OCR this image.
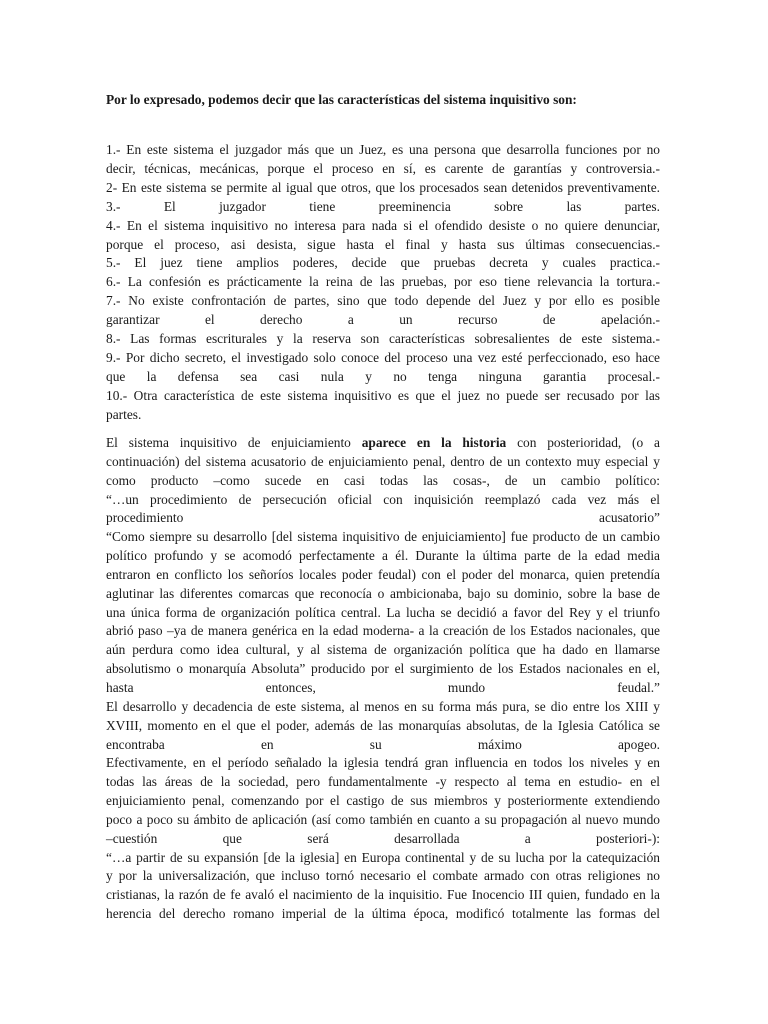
Por lo expresado, podemos decir que las características del sistema inquisitivo son:
1.- En este sistema el juzgador más que un Juez, es una persona que desarrolla funciones por no
decir, técnicas, mecánicas, porque el proceso en sí, es carente de garantías y controversia.-
2- En este sistema se permite al igual que otros, que los procesados sean detenidos preventivamente.
3.- El juzgador tiene preeminencia sobre las partes.
4.- En el sistema inquisitivo no interesa para nada si el ofendido desiste o no quiere denunciar,
porque el proceso, asi desista, sigue hasta el final y hasta sus últimas consecuencias.-
5.- El juez tiene amplios poderes, decide que pruebas decreta y cuales practica.-
6.- La confesión es prácticamente la reina de las pruebas, por eso tiene relevancia la tortura.-
7.- No existe confrontación de partes, sino que todo depende del Juez y por ello es posible
garantizar el derecho a un recurso de apelación.-
8.- Las formas escriturales y la reserva son características sobresalientes de este sistema.-
9.- Por dicho secreto, el investigado solo conoce del proceso una vez esté perfeccionado, eso hace
que la defensa sea casi nula y no tenga ninguna garantia procesal.-
10.- Otra característica de este sistema inquisitivo es que el juez no puede ser recusado por las
partes.
El sistema inquisitivo de enjuiciamiento aparece en la historia con posterioridad, (o a
continuación) del sistema acusatorio de enjuiciamiento penal, dentro de un contexto muy especial y
como producto –como sucede en casi todas las cosas-, de un cambio político:
“…un procedimiento de persecución oficial con inquisición reemplazó cada vez más el
procedimiento acusatorio”
“Como siempre su desarrollo [del sistema inquisitivo de enjuiciamiento] fue producto de un cambio
político profundo y se acomodó perfectamente a él. Durante la última parte de la edad media
entraron en conflicto los señoríos locales poder feudal) con el poder del monarca, quien pretendía
aglutinar las diferentes comarcas que reconocía o ambicionaba, bajo su dominio, sobre la base de
una única forma de organización política central. La lucha se decidió a favor del Rey y el triunfo
abrió paso –ya de manera genérica en la edad moderna- a la creación de los Estados nacionales, que
aún perdura como idea cultural, y al sistema de organización política que ha dado en llamarse
absolutismo o monarquía Absoluta” producido por el surgimiento de los Estados nacionales en el,
hasta entonces, mundo feudal.”
El desarrollo y decadencia de este sistema, al menos en su forma más pura, se dio entre los XIII y
XVIII, momento en el que el poder, además de las monarquías absolutas, de la Iglesia Católica se
encontraba en su máximo apogeo.
Efectivamente, en el período señalado la iglesia tendrá gran influencia en todos los niveles y en
todas las áreas de la sociedad, pero fundamentalmente -y respecto al tema en estudio- en el
enjuiciamiento penal, comenzando por el castigo de sus miembros y posteriormente extendiendo
poco a poco su ámbito de aplicación (así como también en cuanto a su propagación al nuevo mundo
–cuestión que será desarrollada a posteriori-):
“…a partir de su expansión [de la iglesia] en Europa continental y de su lucha por la catequización
y por la universalización, que incluso tornó necesario el combate armado con otras religiones no
cristianas, la razón de fe avaló el nacimiento de la inquisitio. Fue Inocencio III quien, fundado en la
herencia del derecho romano imperial de la última época, modificó totalmente las formas del
